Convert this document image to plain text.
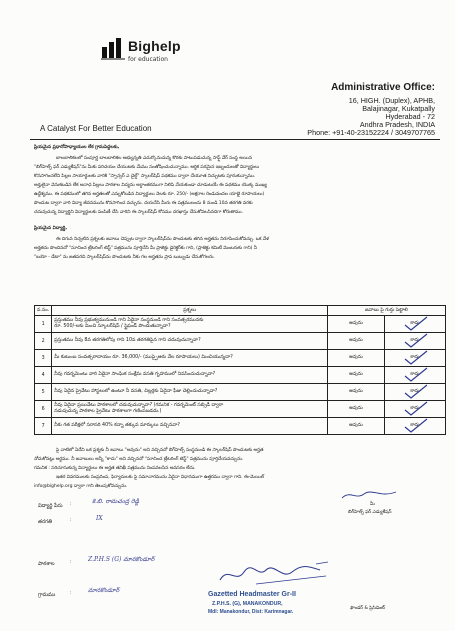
Bighelp
for education
A Catalyst For Better Education
Administrative Office:
16, HIGH. (Duplex), APHB,
Balajinagar, Kukatpally
Hyderabad - 72
Andhra Pradesh, INDIA
Phone: +91-40-23152224 / 3049707765
ప్రియమైన ప్రధానోపాధ్యాయుల లేక గ్రామపెద్దలకు,
బాలబాలికలలో సంపూర్ణ బాలబాలికల అభ్యున్నతి ఎదుర్కొనుచున్న కొరకు పాటుపడుచున్న సాఫ్ట్ వేర్ సంస్థ అయిన
"బిగ్‌హెల్ప్ ఫర్ ఎడ్యుకేషన్"ను మీకు పరిచయం చేయుటకు మేము సంతోషించుచున్నాము. ఆర్థిక పరమైన ఇబ్బందులతో విద్యార్థులు
కొనసాగించలేని పిల్లల సాయార్థులకు వారికి "స్పాన్సర్ ఎ చైల్డ్" స్కాలర్‌షిప్ పథకము ద్వారా చేయూత నిచ్చుటకు పూనుకున్నాము.
అర్హులైనా వెనుకబడిన లేక అనాధ పిల్లలు పాఠశాల విద్యను అర్ధాంతరముగా నిలిపి వేయకుండా చూడుటయే ఈ పథకము యొక్క ముఖ్య
ఉద్దేశ్యము. ఈ పథకములో తగిన అర్హతలతో ఎన్నుకోబడిన విద్యార్థులు నెలకు రూ. 250/- (అక్షరాల రెండువందల యాభై రూపాయలు)
పొందుట ద్వారా వారి విద్యా జీవనమును కొనసాగించ వచ్చును. దయచేసి మీరు ఈ పత్రములందు 8 నుండి 10వ తరగతి వరకు
చదువుచున్న విద్యార్థిని విద్యార్థులకు పంపిణీ చేసి వారిని ఈ స్కాలర్‌షిప్ కోసము దరఖాస్తు చేసుకోవలసినదిగా కోరుతాము.
ప్రియమైన విద్యార్థి,
ఈ దిగువ నిచ్చటిన ప్రశ్నలకు జవాబు చెప్పుట ద్వారా స్కాలర్‌షిప్‌ను పొందుటకు తగిన అర్హతను నిరూపించుకోవచ్చు. ఒక వేళ
అర్హతను పొందినచో "సూచించ ట్రేటరింగ్ టెస్ట్" పత్రమును పూర్తిచేసి మీ ప్రాజెక్టు డైరెక్టర్‌కు గాని, (ప్రాజెక్టు కమిటీ మెంబరుకు గాని) నీ
"బయో - డేటా" ను జతపరచి స్కాలర్‌షిప్‌ను పొందుటకు నీకు గల అర్హతను ప్రాప బుబ్బుడు చేసుకోగలరు.
వ.సం.	ప్రశ్నలు	జవాబు పై గుర్తు పెట్టాలి	
1	ప్రస్తుతము నీవు ప్రభుత్వమునుండి గాని ఏదైనా సంస్థనుండి గాని సంవత్సరమునకు
రూ. 500/-లకు మించి స్కూలర్‌షిప్ / స్టైఫండ్ పొందుతున్నావా?	అవును	కాదు

2	ప్రస్తుతము నీవు 8వ తరగతిలోపు గాని 10వ తరగతిపైన గాని చదువుచున్నావా?	అవును	కాదు

3	మీ కుటుంబ సంవత్సరాదాయం రూ. 36,000/- (ముప్పైఆరు వేల రూపాయలు) మించియున్నదా?	అవును	కాదు

4	నీవు గవర్నమెంటు వారి ఏదైనా సాంఘిక సంక్షేమ వసతి గృహములో నివసించుచున్నావా?	అవును	కాదు

5	నీవు ఏదైన ప్రైవేటు హాస్టలులో ఉంటూ నీ వసతి, చిల్లర్లకు ఏదైనా ఫీజు చెల్లించుచున్నావా?	అవును	కాదు

6	నీవు ఏదైనా ప్రయివేటు పాఠశాలలో చదువుచున్నావా? (గమనిక - గవర్నమెంట్ సబ్సిడీ ద్వారా
నడుపుచున్న పాఠశాల ప్రైవేటు పాఠశాలగా గణింపబడదు.)	అవును	కాదు

7	నీకు గత పరీక్షలో సరాసరి 40% కన్నా తక్కువ మార్కులు వచ్చినవా?	అవును	కాదు
పై వాటిలో ఏదేని ఒక ప్రశ్నకు నీ జవాబు "అవును" అని వచ్చినచో బిగ్‌హెల్ప్ సంస్థనుండి ఈ స్కాలర్‌షిప్ పొందుటకు అర్హత
నోచుకోనట్లు అర్థము. నీ జవాబులు అన్నీ "కాదు" అని వచ్చినచో "సూచించ ట్రేటరింగ్ టెస్ట్" పత్రమును పూర్తిచేయవచ్చును.
గమనిక : సరిచూసుకున్న విద్యార్థులు ఈ అర్హత తనిఖీ పత్రమును నింపవలసిన అవసరం లేదు.
ఇతర వివరములకు సంప్రదింప, ఫిర్యాదులకు పై సమాచారమును ఏదైనా విధానముగా ఉత్తరము ద్వారా గాని. ఈ-మెయిల్
info@bighelp.org ద్వారా గాని తెలుపుకోవచ్చును.
విద్యార్థి పేరు :	కె.బి. రామచంద్ర రెడ్డి
తరగతి	:	IX
పాఠశాల	:	Z.P.H.S (G) మానకొండూర్
గ్రామము	:	మానకొండూర్
మీ
బిగ్‌హెల్ప్ ఫర్ ఎడ్యుకేషన్
ఫౌండర్ & ప్రెసిడెంట్
Gazetted Headmaster Gr-II
Z.P.H.S. (G), MANAKONDUR,
Mdl: Manakondur, Dist: Karimnagar.
